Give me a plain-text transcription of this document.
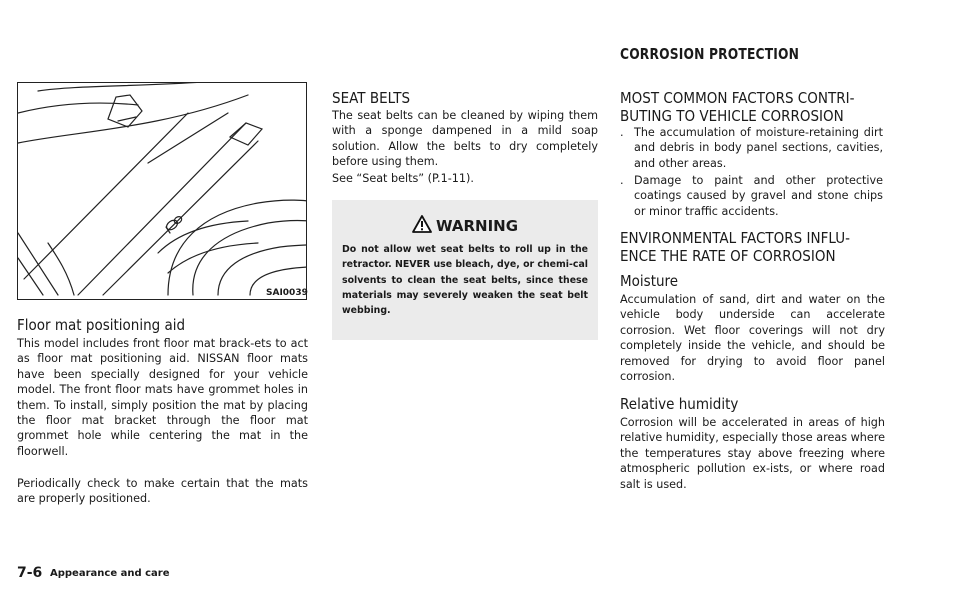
CORROSION PROTECTION
SAI0039
Floor mat positioning aid
This model includes front floor mat brack-ets to act as floor mat positioning aid. NISSAN floor mats have been specially designed for your vehicle model. The front floor mats have grommet holes in them. To install, simply position the mat by placing the floor mat bracket through the floor mat grommet hole while centering the mat in the floorwell.
Periodically check to make certain that the mats are properly positioned.
SEAT BELTS
The seat belts can be cleaned by wiping them with a sponge dampened in a mild soap solution. Allow the belts to dry completely before using them.
See “Seat belts” (P.1-11).
WARNING
Do not allow wet seat belts to roll up in the retractor. NEVER use bleach, dye, or chemi-cal solvents to clean the seat belts, since these materials may severely weaken the seat belt webbing.
MOST COMMON FACTORS CONTRI-
BUTING TO VEHICLE CORROSION
. The accumulation of moisture-retaining dirt and debris in body panel sections, cavities, and other areas.
. Damage to paint and other protective coatings caused by gravel and stone chips or minor traffic accidents.
ENVIRONMENTAL FACTORS INFLU-
ENCE THE RATE OF CORROSION
Moisture
Accumulation of sand, dirt and water on the vehicle body underside can accelerate corrosion. Wet floor coverings will not dry completely inside the vehicle, and should be removed for drying to avoid floor panel corrosion.
Relative humidity
Corrosion will be accelerated in areas of high relative humidity, especially those areas where the temperatures stay above freezing where atmospheric pollution ex-ists, or where road salt is used.
7-6 Appearance and care
